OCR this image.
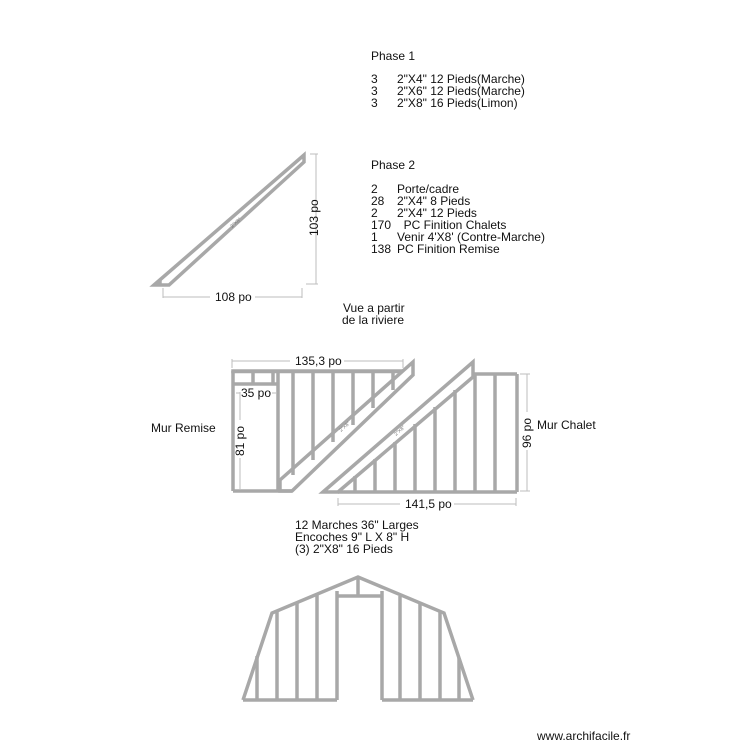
Phase 1
3 2"X4" 12 Pieds(Marche)
3 2"X6" 12 Pieds(Marche)
3 2"X8" 16 Pieds(Limon)
Phase 2
2 Porte/cadre
28 2"X4" 8 Pieds
2 2"X4" 12 Pieds
170 PC Finition Chalets
1 Venir 4'X8' (Contre-Marche)
138 PC Finition Remise
Vue a partir
de la riviere
Mur Remise	Mur Chalet
12 Marches 36" Larges
Encoches 9" L X 8" H
(3) 2"X8" 16 Pieds
www.archifacile.fr
2"X8"	103 po
108 po
2"X8"	2"X8"
135,3 po
35 po
81 po	96 po
141,5 po
